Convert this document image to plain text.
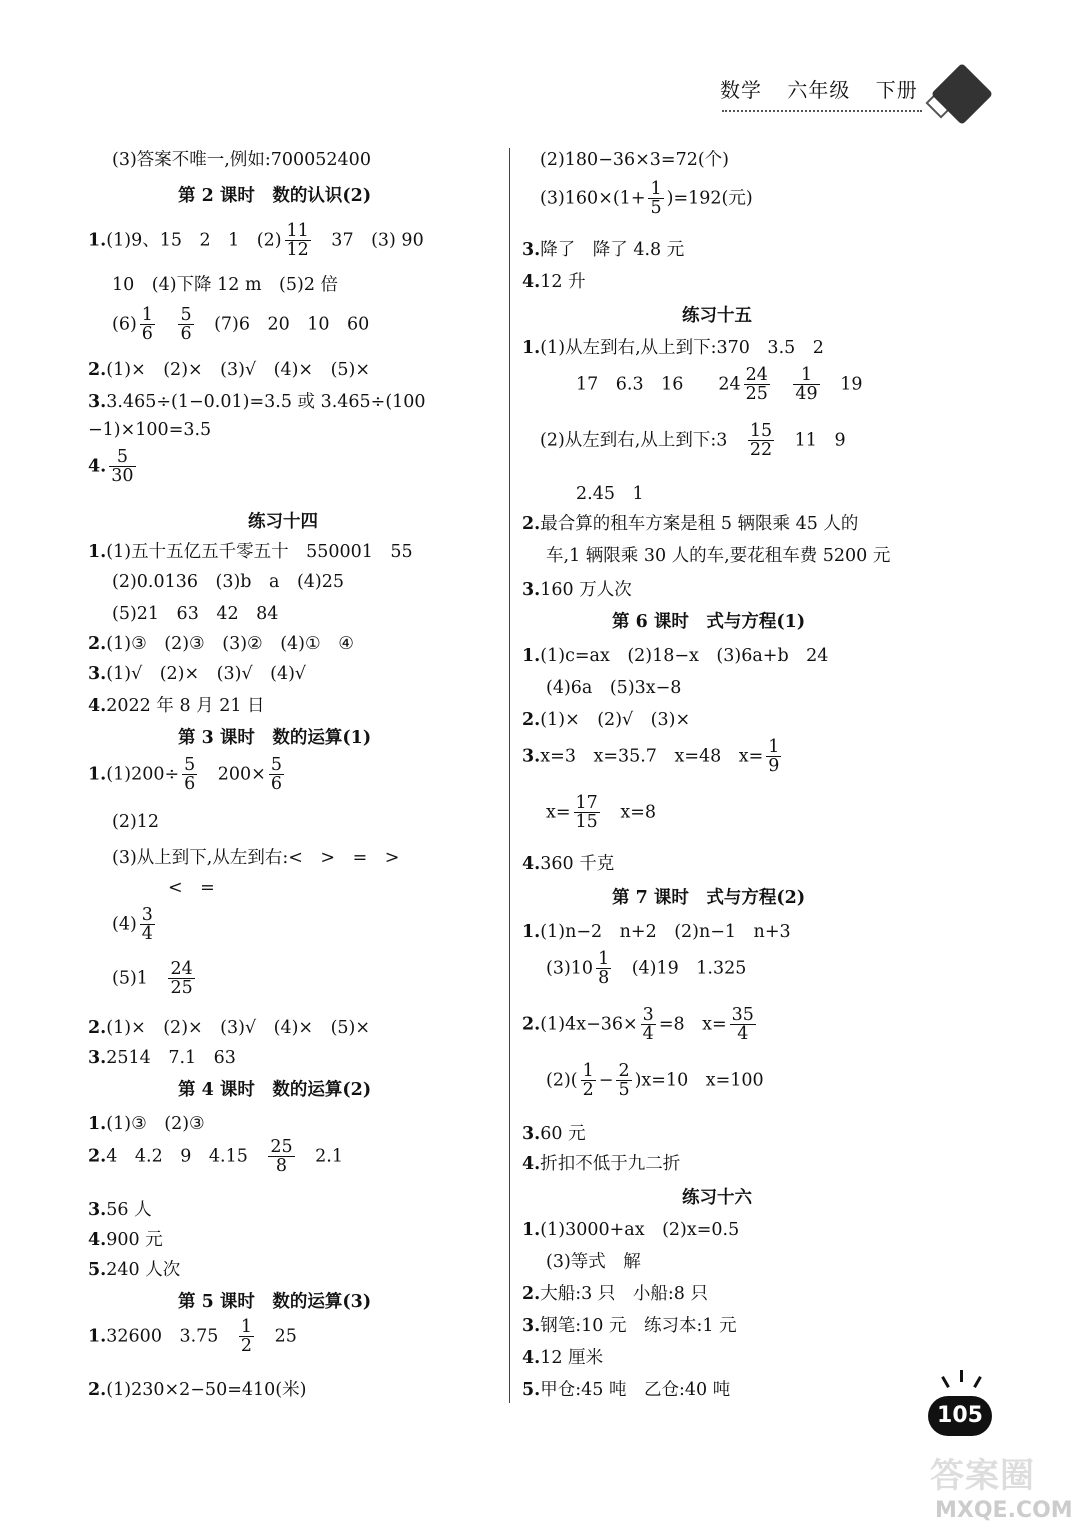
数学 六年级 下册
(3)答案不唯一,例如:700052400
第 2 课时　数的认识(2)
1.(1)9、15　2　1　$(2) \frac{11}{12}$ 　37　(3) 90
10　(4)下降 12 m　(5)2 倍
$(6) \frac{1}{6}$
　 $\frac{5}{6}$ 　(7)6　20　10　60
2.(1)×　(2)×　(3)√　(4)×　(5)×
3.3.465÷(1−0.01)=3.5 或 3.465÷(100
−1)×100=3.5
4. $\frac{5}{30}$
练习十四
1.(1)五十五亿五千零五十　550001　55
(2)0.0136　(3)b　a　(4)25
(5)21　63　42　84
2.(1)③　(2)③　(3)②　(4)①　④
3.(1)√　(2)×　(3)√　(4)√
4.2022 年 8 月 21 日
第 3 课时　数的运算(1)
$1.(1)200\div \frac{5}{6}$
　 $200\times \frac{5}{6}$
(2)12
(3)从上到下,从左到右:<　>　=　>
<　=
$(4) \frac{3}{4}$
(5)1　 $\frac{24}{25}$
2.(1)×　(2)×　(3)√　(4)×　(5)×
3.2514　7.1　63
第 4 课时　数的运算(2)
1.(1)③　(2)③
2.4　4.2　9　4.15　 $\frac{25}{8}$
　 2.1
3.56 人
4.900 元
5.240 人次
第 5 课时　数的运算(3)
1.32600　3.75　 $\frac{1}{2}$
　 25
2.(1)230×2−50=410(米)
(2)180−36×3=72(个)
$(3)160\times(1+ \frac{1}{5} )=192$(元)
3.降了　降了 4.8 元
4.12 升
练习十五
1.(1)从左到右,从上到下:370　3.5　2
17　6.3　16　　$24 \frac{24}{25}$
　 $\frac{1}{49}$
　 19
(2)从左到右,从上到下:3　 $\frac{15}{22}$
　 11　9
2.45　1
2.最合算的租车方案是租 5 辆限乘 45 人的
车,1 辆限乘 30 人的车,要花租车费 5200 元
3.160 万人次
第 6 课时　式与方程(1)
1.(1)c=ax　(2)18−x　(3)6a+b　24
(4)6a　(5)3x−8
2.(1)×　(2)√　(3)×
3.x=3　x=35.7　x=48　$x= \frac{1}{9}$
$x= \frac{17}{15}$
　 x=8
4.360 千克
第 7 课时　式与方程(2)
1.(1)n−2　n+2　(2)n−1　n+3
$(3)10 \frac{1}{8}$
　 (4)19　1.325
$2.(1)4x-36\times \frac{3}{4} =8$　$x= \frac{35}{4}$
$(2)( \frac{1}{2} - \frac{2}{5} )x=10$　x=100
3.60 元
4.折扣不低于九二折
练习十六
1.(1)3000+ax　(2)x=0.5
(3)等式　解
2.大船:3 只　小船:8 只
3.钢笔:10 元　练习本:1 元
4.12 厘米
5.甲仓:45 吨　乙仓:40 吨
105
答案圈
MXQE.COM
